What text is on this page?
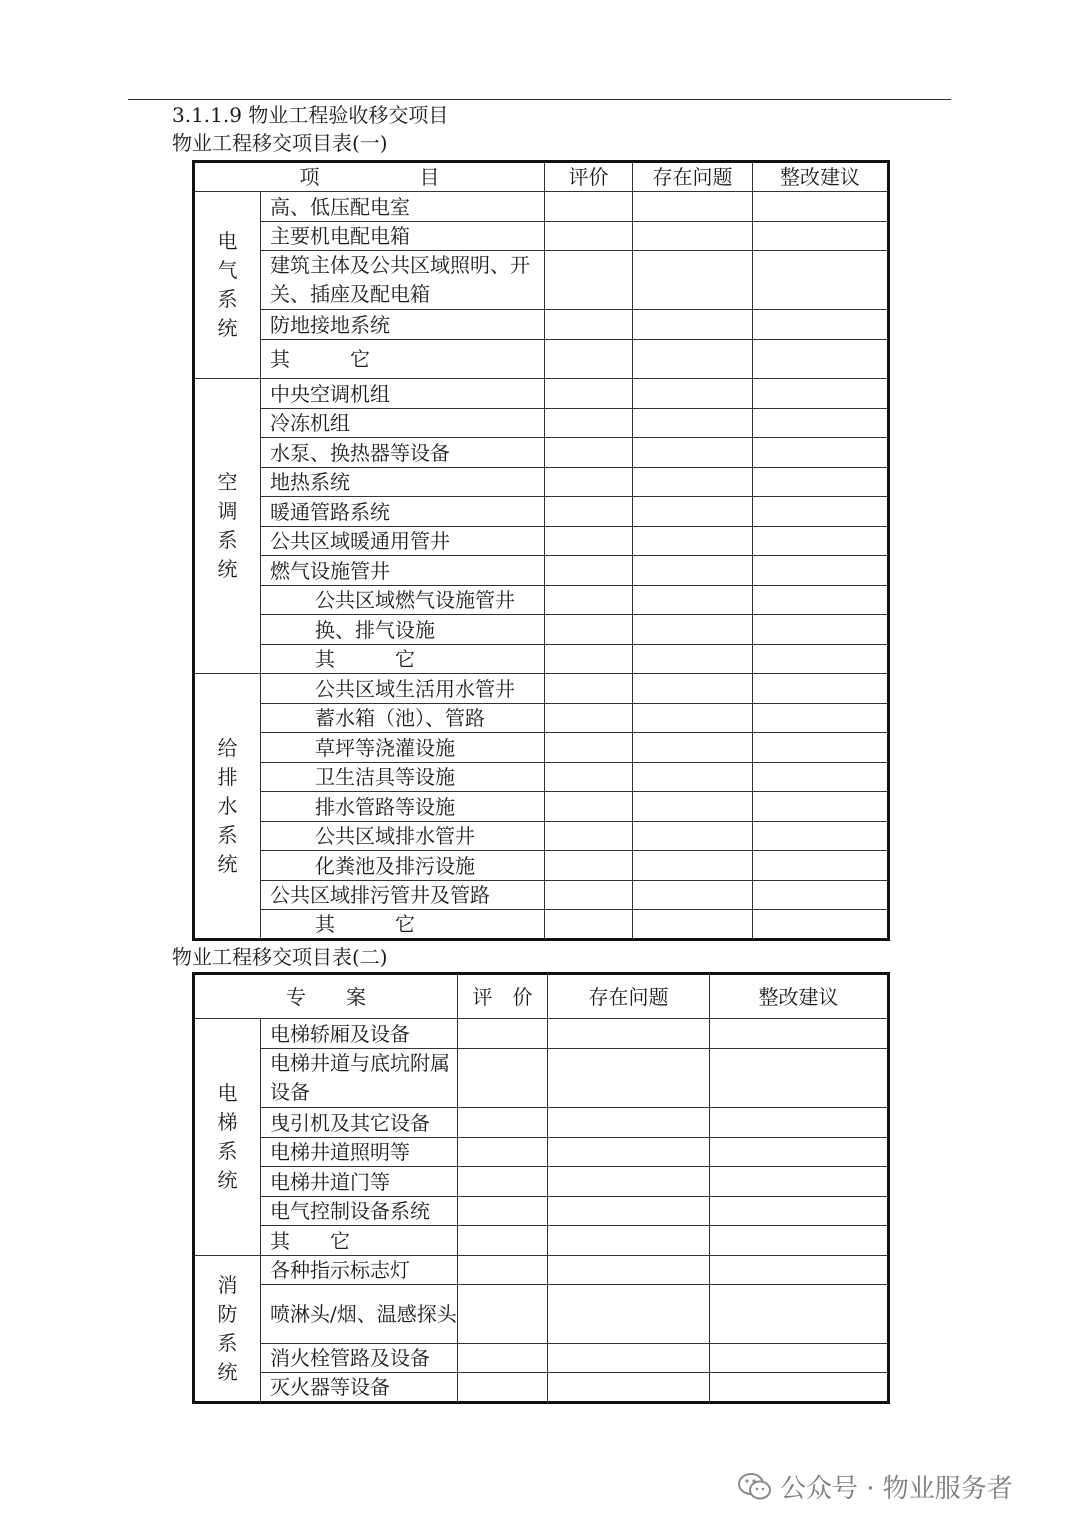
3.1.1.9 物业工程验收移交项目
物业工程移交项目表(一)
项　　　　　目		评价	存在问题	整改建议
电气系统	高、低压配电室			
	主要机电配电箱			
	建筑主体及公共区域照明、开关、插座及配电箱			
	防地接地系统			
	其　　　它			
空调系统	中央空调机组			
	冷冻机组			
	水泵、换热器等设备			
	地热系统			
	暖通管路系统			
	公共区域暖通用管井			
	燃气设施管井			
	公共区域燃气设施管井			
	换、排气设施			
	其　　　它			
给排水系统	公共区域生活用水管井			
	蓄水箱（池）、管路			
	草坪等浇灌设施			
	卫生洁具等设施			
	排水管路等设施			
	公共区域排水管井			
	化粪池及排污设施			
	公共区域排污管井及管路			
	其　　　它			
物业工程移交项目表(二)
专　　案		评　价	存在问题	整改建议
电梯系统	电梯轿厢及设备			
	电梯井道与底坑附属设备			
	曳引机及其它设备			
	电梯井道照明等			
	电梯井道门等			
	电气控制设备系统			
	其　　它			
消防系统	各种指示标志灯			
	喷淋头/烟、温感探头			
	消火栓管路及设备			
	灭火器等设备			
公众号 · 物业服务者
